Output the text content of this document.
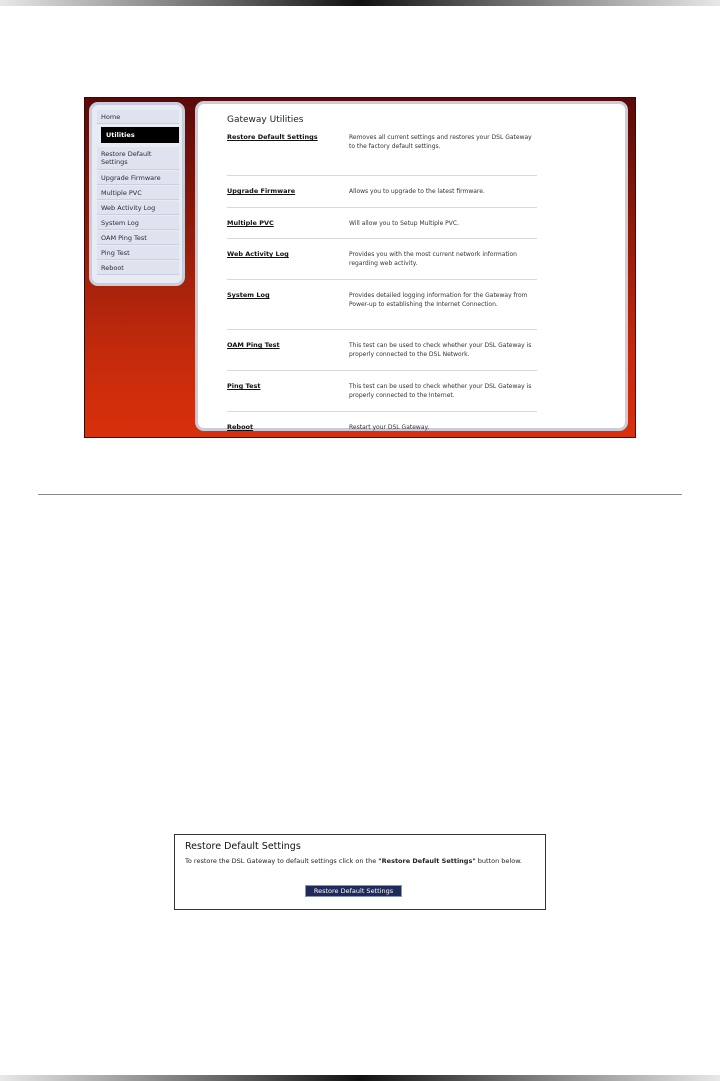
Home
Utilities
Restore Default Settings
Upgrade Firmware
Multiple PVC
Web Activity Log
System Log
OAM Ping Test
Ping Test
Reboot
Gateway Utilities
Restore Default Settings	Removes all current settings and restores your DSL Gateway to the factory default settings.
Upgrade Firmware	Allows you to upgrade to the latest firmware.
Multiple PVC	Will allow you to Setup Multiple PVC.
Web Activity Log	Provides you with the most current network information regarding web activity.
System Log	Provides detailed logging information for the Gateway from Power-up to establishing the Internet Connection.
OAM Ping Test	This test can be used to check whether your DSL Gateway is properly connected to the DSL Network.
Ping Test	This test can be used to check whether your DSL Gateway is properly connected to the Internet.
Reboot	Restart your DSL Gateway.
Restore Default Settings
To restore the DSL Gateway to default settings click on the "Restore Default Settings" button below.
Restore Default Settings
